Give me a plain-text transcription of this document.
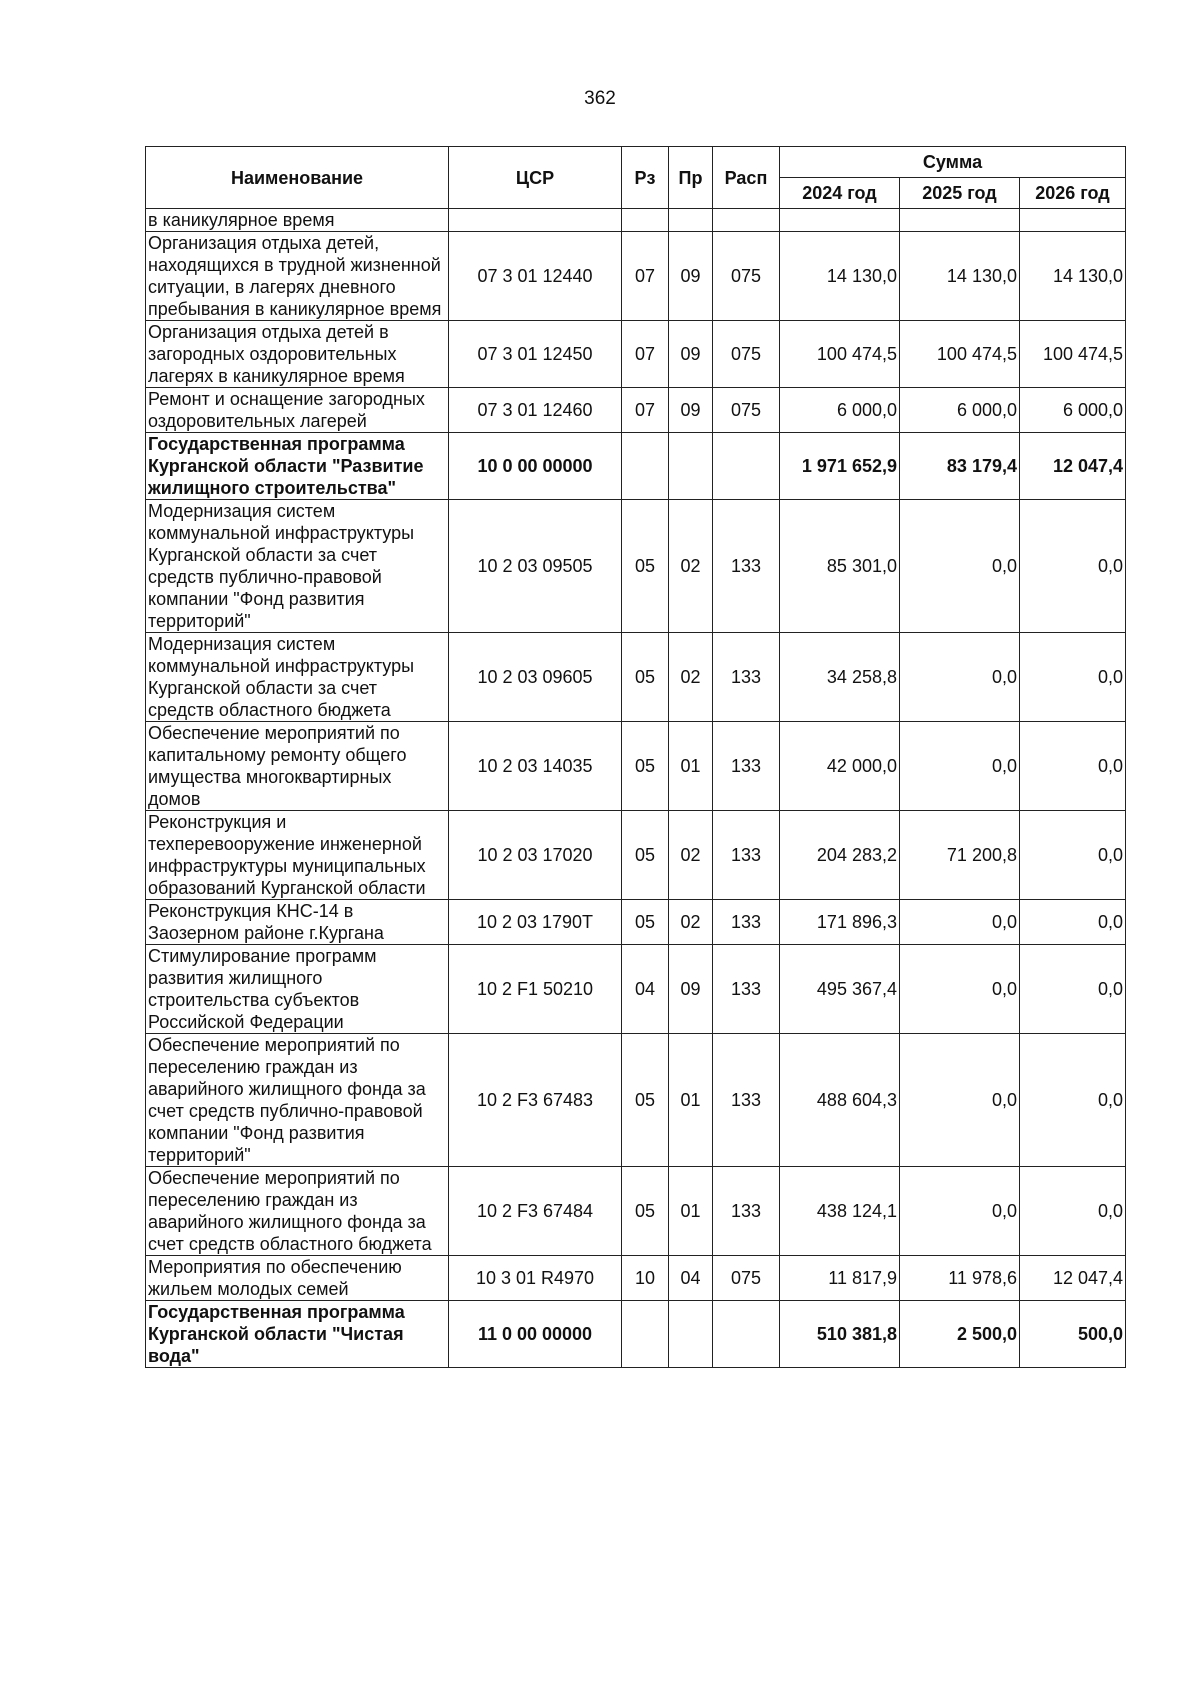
362
Наименование	ЦСР	Рз	Пр	Расп	Сумма		
					2024 год	2025 год	2026 год
в каникулярное время							
Организация отдыха детей, находящихся в трудной жизненной ситуации, в лагерях дневного пребывания в каникулярное время	07 3 01 12440	07	09	075	14 130,0	14 130,0	14 130,0
Организация отдыха детей в загородных оздоровительных лагерях в каникулярное время	07 3 01 12450	07	09	075	100 474,5	100 474,5	100 474,5
Ремонт и оснащение загородных оздоровительных лагерей	07 3 01 12460	07	09	075	6 000,0	6 000,0	6 000,0
Государственная программа Курганской области "Развитие жилищного строительства"	10 0 00 00000				1 971 652,9	83 179,4	12 047,4
Модернизация систем коммунальной инфраструктуры Курганской области за счет средств публично-правовой компании "Фонд развития территорий"	10 2 03 09505	05	02	133	85 301,0	0,0	0,0
Модернизация систем коммунальной инфраструктуры Курганской области за счет средств областного бюджета	10 2 03 09605	05	02	133	34 258,8	0,0	0,0
Обеспечение мероприятий по капитальному ремонту общего имущества многоквартирных домов	10 2 03 14035	05	01	133	42 000,0	0,0	0,0
Реконструкция и техперевооружение инженерной инфраструктуры муниципальных образований Курганской области	10 2 03 17020	05	02	133	204 283,2	71 200,8	0,0
Реконструкция КНС-14 в Заозерном районе г.Кургана	10 2 03 1790Т	05	02	133	171 896,3	0,0	0,0
Стимулирование программ развития жилищного строительства субъектов Российской Федерации	10 2 F1 50210	04	09	133	495 367,4	0,0	0,0
Обеспечение мероприятий по переселению граждан из аварийного жилищного фонда за счет средств публично-правовой компании "Фонд развития территорий"	10 2 F3 67483	05	01	133	488 604,3	0,0	0,0
Обеспечение мероприятий по переселению граждан из аварийного жилищного фонда за счет средств областного бюджета	10 2 F3 67484	05	01	133	438 124,1	0,0	0,0
Мероприятия по обеспечению жильем молодых семей	10 3 01 R4970	10	04	075	11 817,9	11 978,6	12 047,4
Государственная программа Курганской области "Чистая вода"	11 0 00 00000				510 381,8	2 500,0	500,0
